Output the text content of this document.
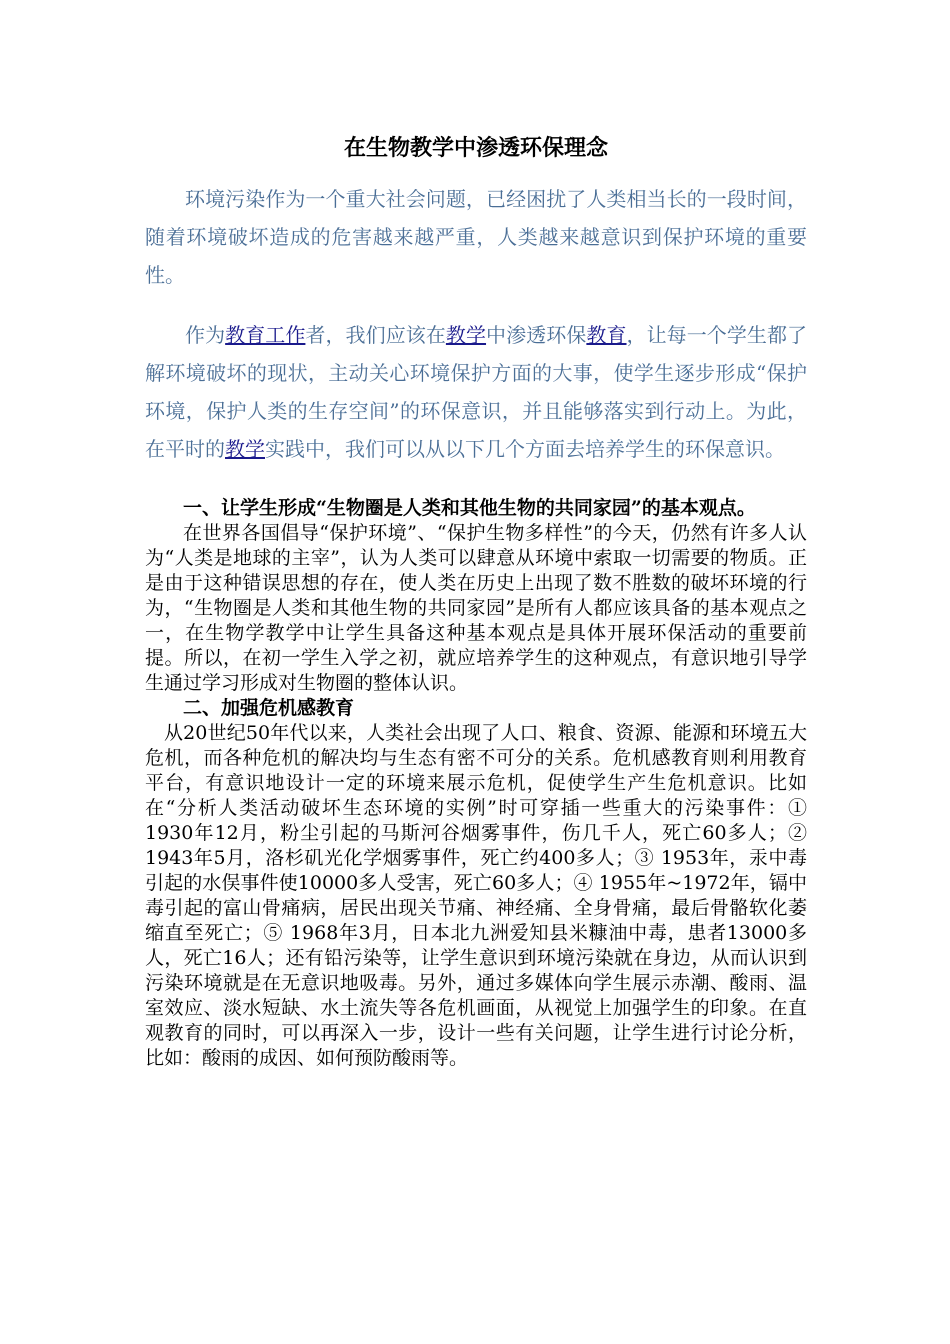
在生物教学中渗透环保理念

环境污染作为一个重大社会问题，已经困扰了人类相当长的一段时间，随着环境破坏造成的危害越来越严重，人类越来越意识到保护环境的重要性。

作为教育工作者，我们应该在教学中渗透环保教育，让每一个学生都了解环境破坏的现状，主动关心环境保护方面的大事，使学生逐步形成“保护环境，保护人类的生存空间”的环保意识，并且能够落实到行动上。为此，在平时的教学实践中，我们可以从以下几个方面去培养学生的环保意识。

一、让学生形成“生物圈是人类和其他生物的共同家园”的基本观点。

在世界各国倡导“保护环境”、“保护生物多样性”的今天，仍然有许多人认为“人类是地球的主宰”，认为人类可以肆意从环境中索取一切需要的物质。正是由于这种错误思想的存在，使人类在历史上出现了数不胜数的破坏环境的行为，“生物圈是人类和其他生物的共同家园”是所有人都应该具备的基本观点之一，在生物学教学中让学生具备这种基本观点是具体开展环保活动的重要前提。所以，在初一学生入学之初，就应培养学生的这种观点，有意识地引导学生通过学习形成对生物圈的整体认识。

二、加强危机感教育

从20世纪50年代以来，人类社会出现了人口、粮食、资源、能源和环境五大危机，而各种危机的解决均与生态有密不可分的关系。危机感教育则利用教育平台，有意识地设计一定的环境来展示危机，促使学生产生危机意识。比如在“分析人类活动破坏生态环境的实例”时可穿插一些重大的污染事件：① 1930年12月，粉尘引起的马斯河谷烟雾事件，伤几千人，死亡60多人；② 1943年5月，洛杉矶光化学烟雾事件，死亡约400多人；③ 1953年，汞中毒引起的水俣事件使10000多人受害，死亡60多人；④ 1955年~1972年，镉中毒引起的富山骨痛病，居民出现关节痛、神经痛、全身骨痛，最后骨骼软化萎缩直至死亡；⑤ 1968年3月，日本北九洲爱知县米糠油中毒，患者13000多人，死亡16人；还有铅污染等，让学生意识到环境污染就在身边，从而认识到污染环境就是在无意识地吸毒。另外，通过多媒体向学生展示赤潮、酸雨、温室效应、淡水短缺、水土流失等各危机画面，从视觉上加强学生的印象。在直观教育的同时，可以再深入一步，设计一些有关问题，让学生进行讨论分析，比如：酸雨的成因、如何预防酸雨等。
